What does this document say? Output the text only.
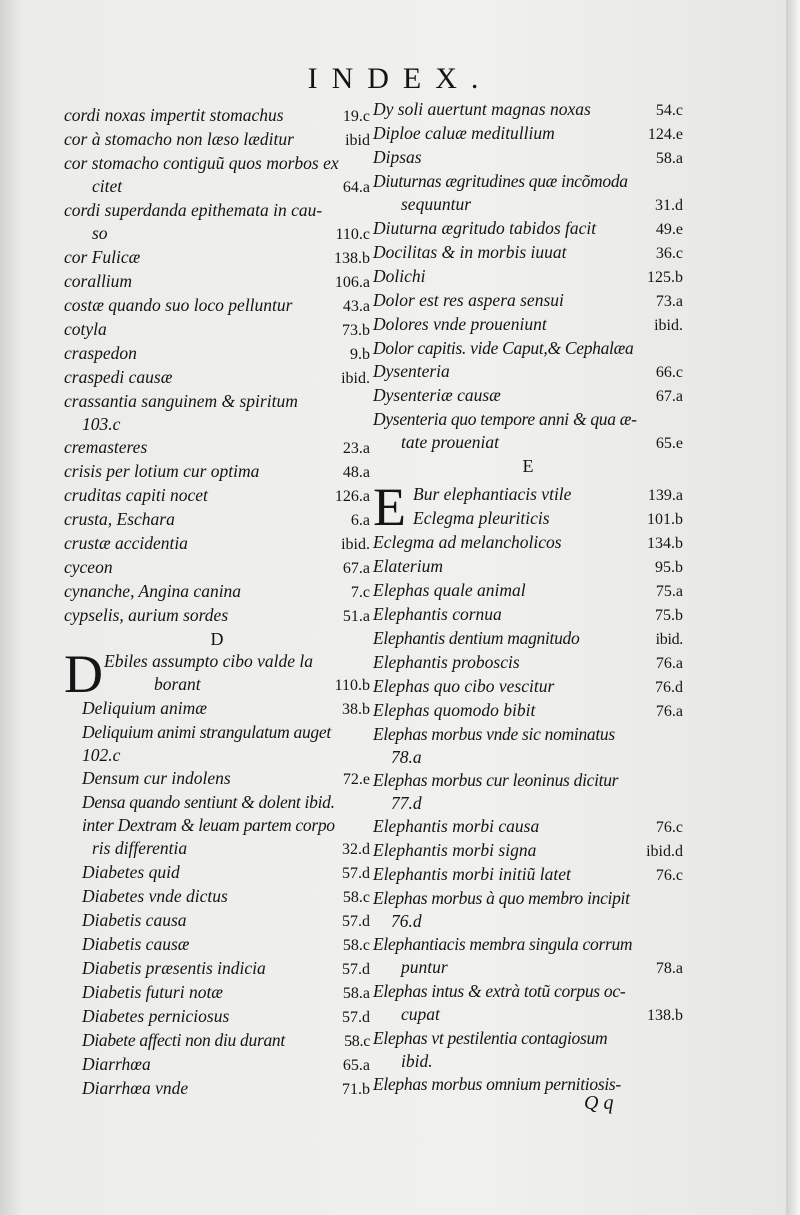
INDEX.
cordi noxas impertit stomachus	19.c
cor à stomacho non læso læditur	ibid
cor stomacho contiguũ quos morbos ex
citet	64.a
cordi superdanda epithemata in cau-
so	110.c
cor Fulicæ	138.b
corallium	106.a
costæ quando suo loco pelluntur	43.a
cotyla	73.b
craspedon	9.b
craspedi causæ	ibid.
crassantia sanguinem & spiritum
103.c
cremasteres	23.a
crisis per lotium cur optima	48.a
cruditas capiti nocet	126.a
crusta, Eschara	6.a
crustæ accidentia	ibid.
cyceon	67.a
cynanche, Angina canina	7.c
cypselis, aurium sordes	51.a
D
D Ebiles assumpto cibo valde la
borant	110.b
Deliquium animæ	38.b
Deliquium animi strangulatum auget
102.c
Densum cur indolens	72.e
Densa quando sentiunt & dolent ibid.
inter Dextram & leuam partem corpo
ris differentia	32.d
Diabetes quid	57.d
Diabetes vnde dictus	58.c
Diabetis causa	57.d
Diabetis causæ	58.c
Diabetis præsentis indicia	57.d
Diabetis futuri notæ	58.a
Diabetes perniciosus	57.d
Diabete affecti non diu durant	58.c
Diarrhœa	65.a
Diarrhœa vnde	71.b
Dy soli auertunt magnas noxas	54.c
Diploe caluæ meditullium	124.e
Dipsas	58.a
Diuturnas ægritudines quæ incõmoda
sequuntur	31.d
Diuturna ægritudo tabidos facit	49.e
Docilitas & in morbis iuuat	36.c
Dolichi	125.b
Dolor est res aspera sensui	73.a
Dolores vnde proueniunt	ibid.
Dolor capitis. vide Caput,& Cephalæa
Dysenteria	66.c
Dysenteriæ causæ	67.a
Dysenteria quo tempore anni & qua æ-
tate proueniat	65.e
E
E Bur elephantiacis vtile	139.a
Eclegma pleuriticis	101.b
Eclegma ad melancholicos	134.b
Elaterium	95.b
Elephas quale animal	75.a
Elephantis cornua	75.b
Elephantis dentium magnitudo	ibid.
Elephantis proboscis	76.a
Elephas quo cibo vescitur	76.d
Elephas quomodo bibit	76.a
Elephas morbus vnde sic nominatus
78.a
Elephas morbus cur leoninus dicitur
77.d
Elephantis morbi causa	76.c
Elephantis morbi signa	ibid.d
Elephantis morbi initiũ latet	76.c
Elephas morbus à quo membro incipit
76.d
Elephantiacis membra singula corrum
puntur	78.a
Elephas intus & extrà totũ corpus oc-
cupat	138.b
Elephas vt pestilentia contagiosum
ibid.
Elephas morbus omnium pernitiosis-
Q q
